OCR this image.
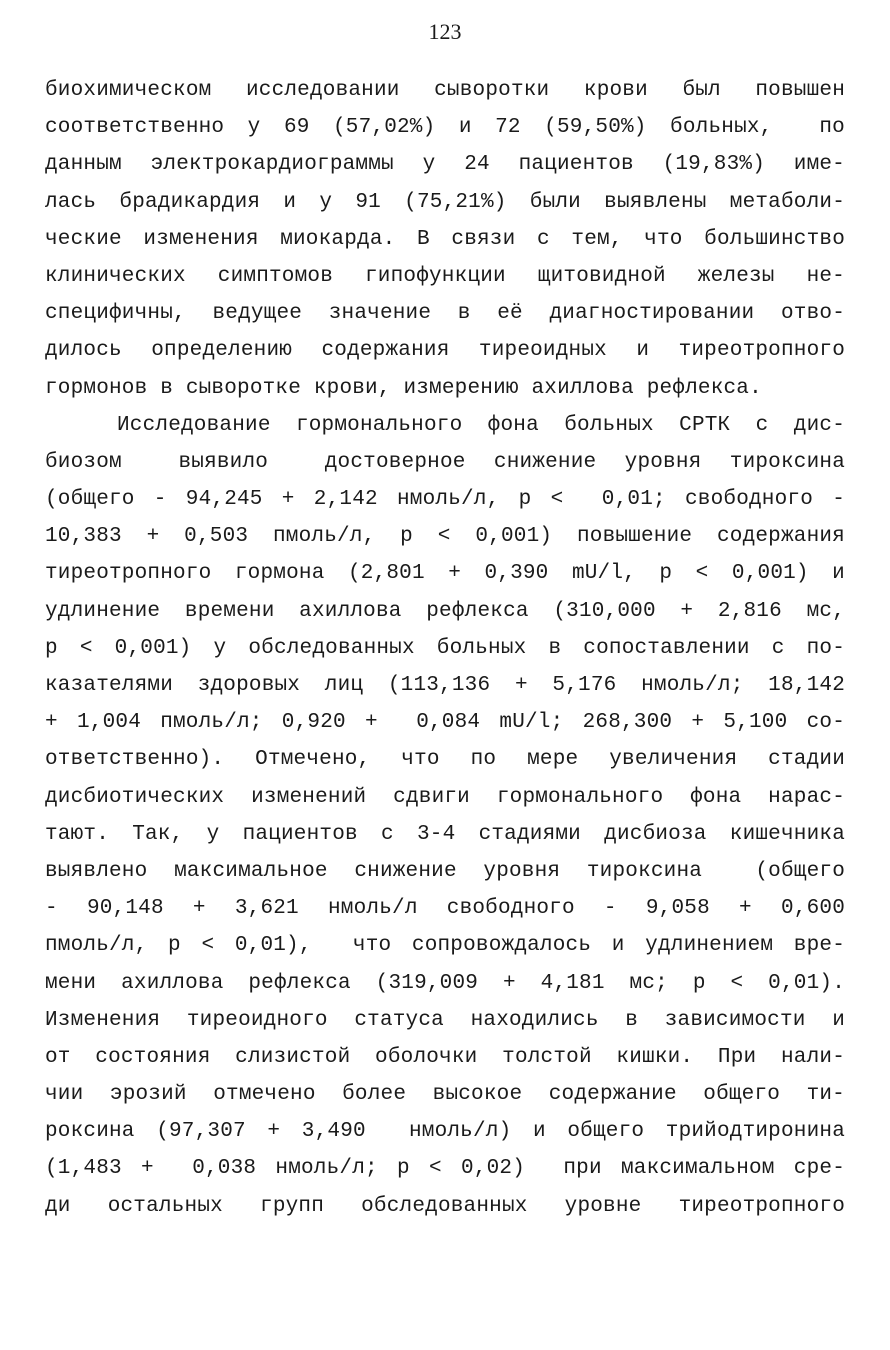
123
биохимическом исследовании сыворотки крови был повышен
соответственно у 69 (57,02%) и 72 (59,50%) больных,  по
данным электрокардиограммы у 24 пациентов (19,83%) име-
лась брадикардия и у 91 (75,21%) были выявлены метаболи-
ческие изменения миокарда. В связи с тем, что большинство
клинических симптомов гипофункции щитовидной железы не-
специфичны, ведущее значение в её диагностировании отво-
дилось определению содержания тиреоидных и тиреотропного
гормонов в сыворотке крови, измерению ахиллова рефлекса.
Исследование гормонального фона больных СРТК с дис-
биозом  выявило  достоверное снижение уровня тироксина
(общего - 94,245 + 2,142 нмоль/л, р <  0,01; свободного -
10,383 + 0,503 пмоль/л, р < 0,001) повышение содержания
тиреотропного гормона (2,801 + 0,390 mU/l, р < 0,001) и
удлинение времени ахиллова рефлекса (310,000 + 2,816 мс,
р < 0,001) у обследованных больных в сопоставлении с по-
казателями здоровых лиц (113,136 + 5,176 нмоль/л; 18,142
+ 1,004 пмоль/л; 0,920 +  0,084 mU/l; 268,300 + 5,100 со-
ответственно). Отмечено, что по мере увеличения стадии
дисбиотических изменений сдвиги гормонального фона нарас-
тают. Так, у пациентов с 3-4 стадиями дисбиоза кишечника
выявлено максимальное снижение уровня тироксина  (общего
- 90,148 + 3,621 нмоль/л свободного - 9,058 + 0,600
пмоль/л, р < 0,01),  что сопровождалось и удлинением вре-
мени ахиллова рефлекса (319,009 + 4,181 мс; р < 0,01).
Изменения тиреоидного статуса находились в зависимости и
от состояния слизистой оболочки толстой кишки. При нали-
чии эрозий отмечено более высокое содержание общего ти-
роксина (97,307 + 3,490  нмоль/л) и общего трийодтиронина
(1,483 +  0,038 нмоль/л; р < 0,02)  при максимальном сре-
ди остальных групп обследованных уровне тиреотропного
